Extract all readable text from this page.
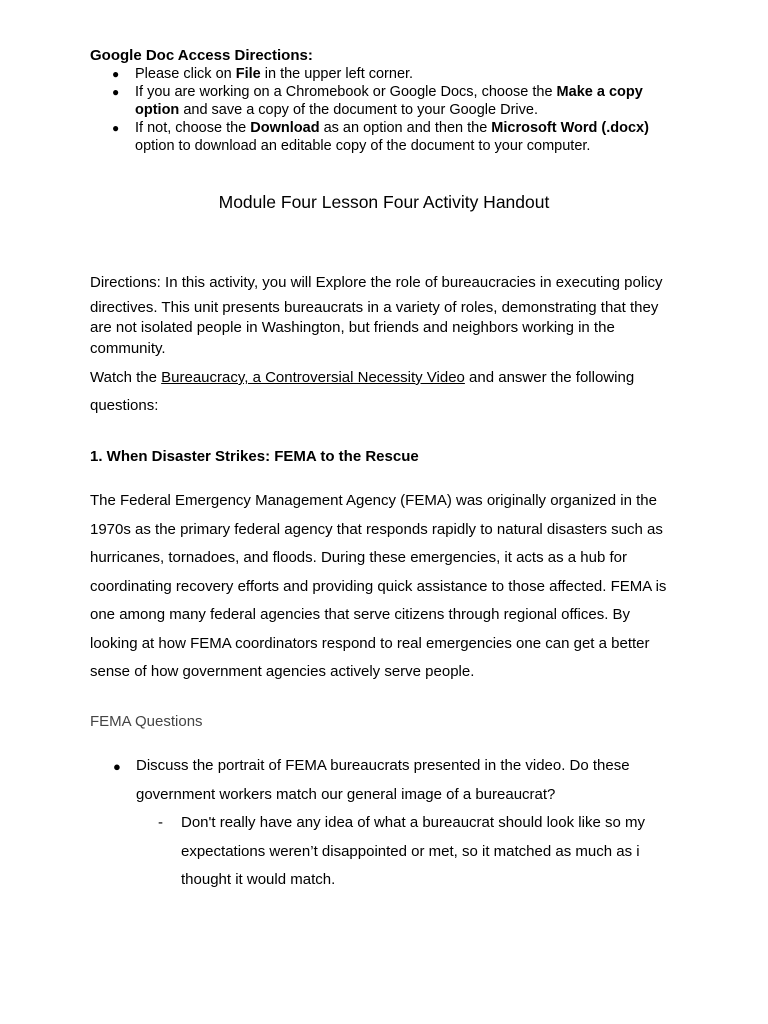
Google Doc Access Directions:
● Please click on File in the upper left corner.
● If you are working on a Chromebook or Google Docs, choose the Make a copy
option and save a copy of the document to your Google Drive.
● If not, choose the Download as an option and then the Microsoft Word (.docx)
option to download an editable copy of the document to your computer.
Module Four Lesson Four Activity Handout
Directions: In this activity, you will Explore the role of bureaucracies in executing policy
directives. This unit presents bureaucrats in a variety of roles, demonstrating that they
are not isolated people in Washington, but friends and neighbors working in the
community.
Watch the Bureaucracy, a Controversial Necessity Video and answer the following
questions:
1. When Disaster Strikes: FEMA to the Rescue
The Federal Emergency Management Agency (FEMA) was originally organized in the
1970s as the primary federal agency that responds rapidly to natural disasters such as
hurricanes, tornadoes, and floods. During these emergencies, it acts as a hub for
coordinating recovery efforts and providing quick assistance to those affected. FEMA is
one among many federal agencies that serve citizens through regional offices. By
looking at how FEMA coordinators respond to real emergencies one can get a better
sense of how government agencies actively serve people.
FEMA Questions
● Discuss the portrait of FEMA bureaucrats presented in the video. Do these
government workers match our general image of a bureaucrat?
- Don't really have any idea of what a bureaucrat should look like so my
expectations weren’t disappointed or met, so it matched as much as i
thought it would match.
